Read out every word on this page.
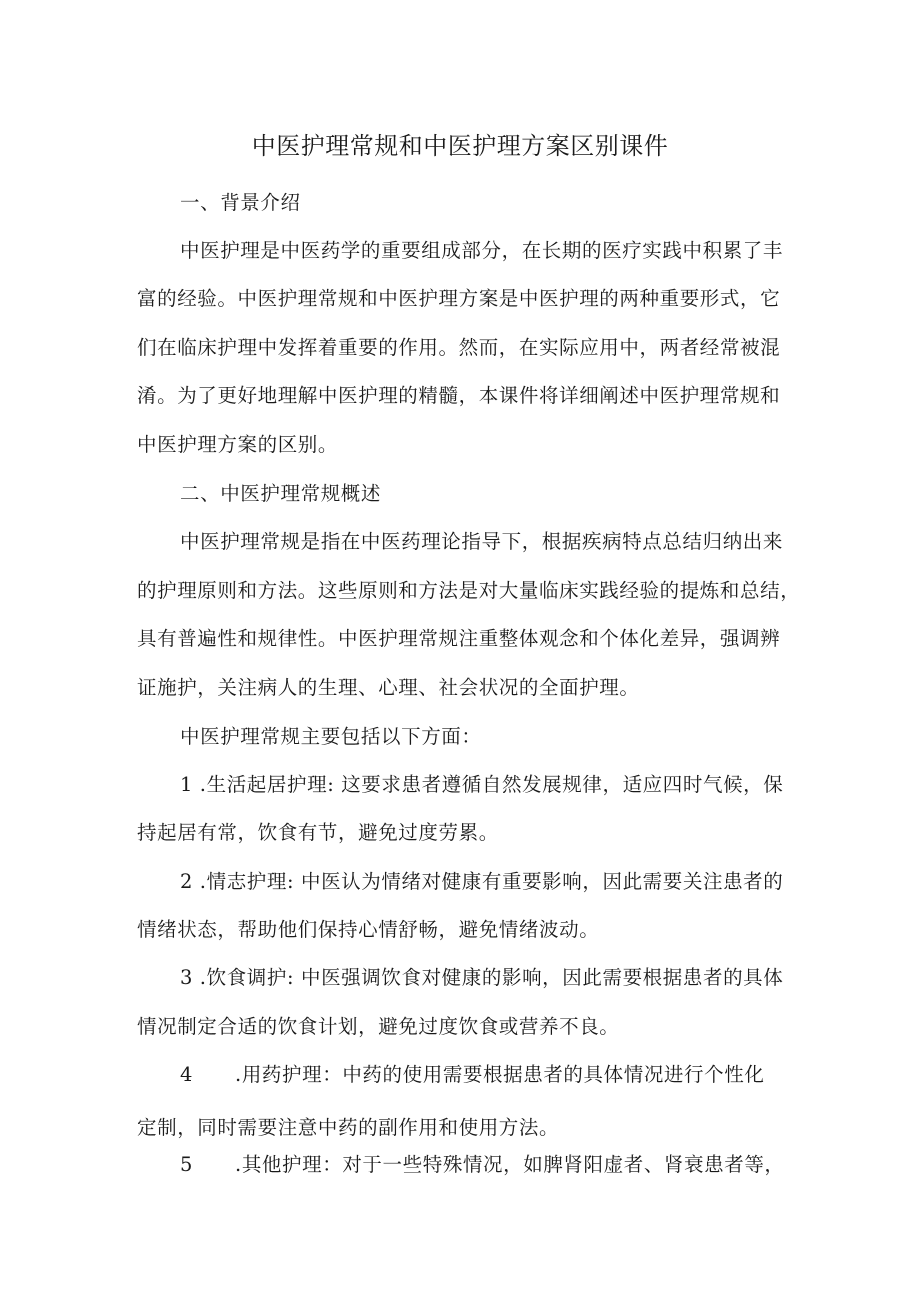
中医护理常规和中医护理方案区别课件
一、背景介绍
中医护理是中医药学的重要组成部分，在长期的医疗实践中积累了丰
富的经验。中医护理常规和中医护理方案是中医护理的两种重要形式，它
们在临床护理中发挥着重要的作用。然而，在实际应用中，两者经常被混
淆。为了更好地理解中医护理的精髓，本课件将详细阐述中医护理常规和
中医护理方案的区别。
二、中医护理常规概述
中医护理常规是指在中医药理论指导下，根据疾病特点总结归纳出来
的护理原则和方法。这些原则和方法是对大量临床实践经验的提炼和总结，
具有普遍性和规律性。中医护理常规注重整体观念和个体化差异，强调辨
证施护，关注病人的生理、心理、社会状况的全面护理。
中医护理常规主要包括以下方面：
1 .生活起居护理: 这要求患者遵循自然发展规律，适应四时气候，保
持起居有常，饮食有节，避免过度劳累。
2 .情志护理: 中医认为情绪对健康有重要影响，因此需要关注患者的
情绪状态，帮助他们保持心情舒畅，避免情绪波动。
3 .饮食调护: 中医强调饮食对健康的影响，因此需要根据患者的具体
情况制定合适的饮食计划，避免过度饮食或营养不良。
4 .用药护理：中药的使用需要根据患者的具体情况进行个性化
定制，同时需要注意中药的副作用和使用方法。
5 .其他护理：对于一些特殊情况，如脾肾阳虚者、肾衰患者等，
